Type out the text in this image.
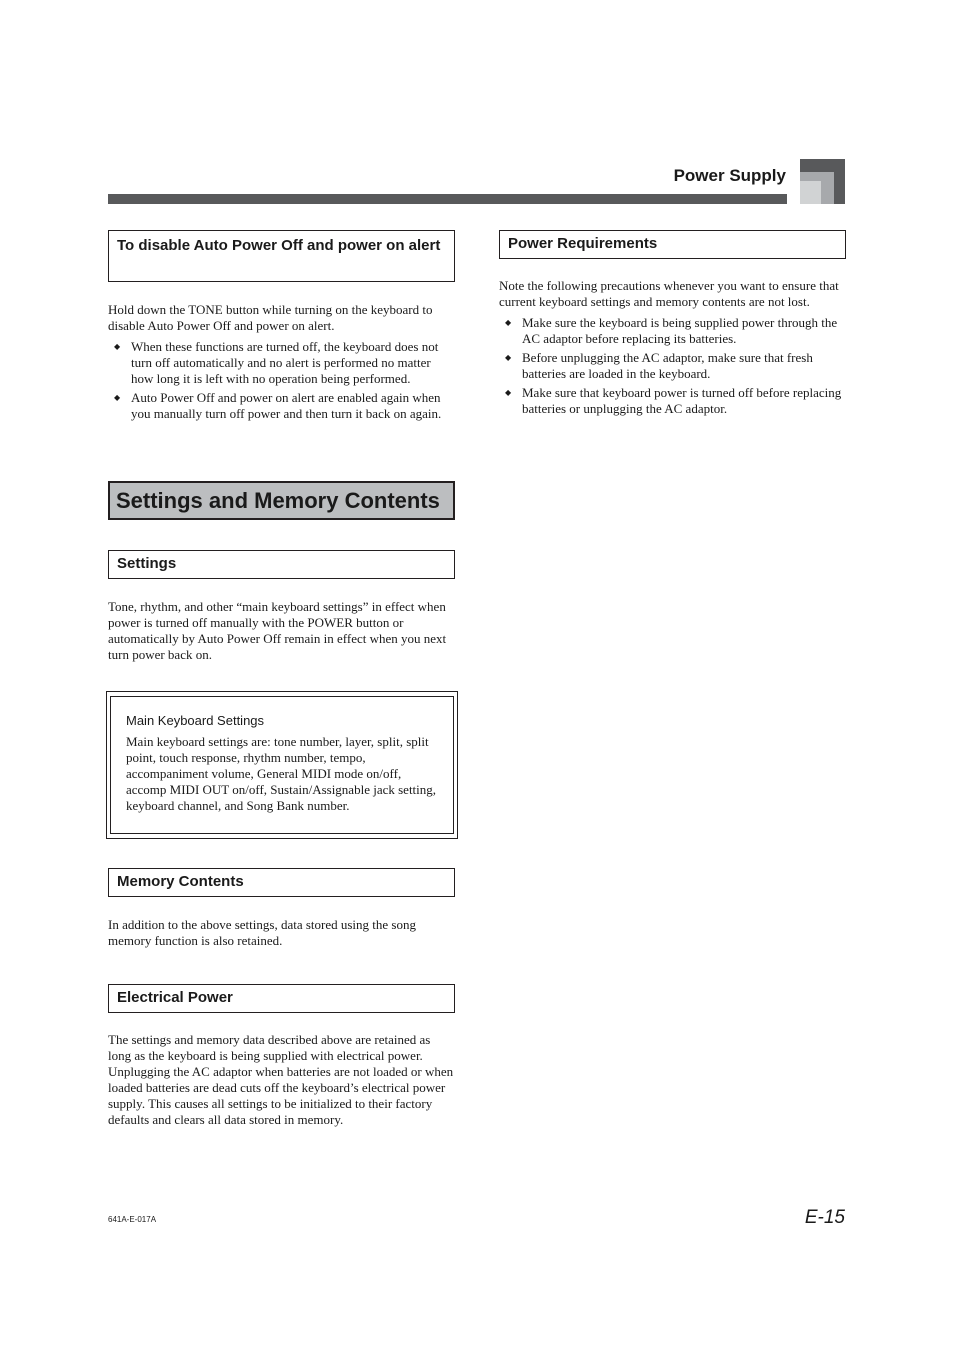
Power Supply
To disable Auto Power Off and power on alert

Hold down the TONE button while turning on the keyboard to disable Auto Power Off and power on alert.

◆ When these functions are turned off, the keyboard does not turn off automatically and no alert is performed no matter how long it is left with no operation being performed.
◆ Auto Power Off and power on alert are enabled again when you manually turn off power and then turn it back on again.
Settings and Memory Contents
Settings

Tone, rhythm, and other “main keyboard settings” in effect when power is turned off manually with the POWER button or automatically by Auto Power Off remain in effect when you next turn power back on.

Main Keyboard Settings
Main keyboard settings are: tone number, layer, split, split point, touch response, rhythm number, tempo, accompaniment volume, General MIDI mode on/off, accomp MIDI OUT on/off, Sustain/Assignable jack setting, keyboard channel, and Song Bank number.
Memory Contents

In addition to the above settings, data stored using the song memory function is also retained.

Electrical Power

The settings and memory data described above are retained as long as the keyboard is being supplied with electrical power. Unplugging the AC adaptor when batteries are not loaded or when loaded batteries are dead cuts off the keyboard’s electrical power supply. This causes all settings to be initialized to their factory defaults and clears all data stored in memory.

Power Requirements

Note the following precautions whenever you want to ensure that current keyboard settings and memory contents are not lost.

◆ Make sure the keyboard is being supplied power through the AC adaptor before replacing its batteries.
◆ Before unplugging the AC adaptor, make sure that fresh batteries are loaded in the keyboard.
◆ Make sure that keyboard power is turned off before replacing batteries or unplugging the AC adaptor.
641A-E-017A	E-15
